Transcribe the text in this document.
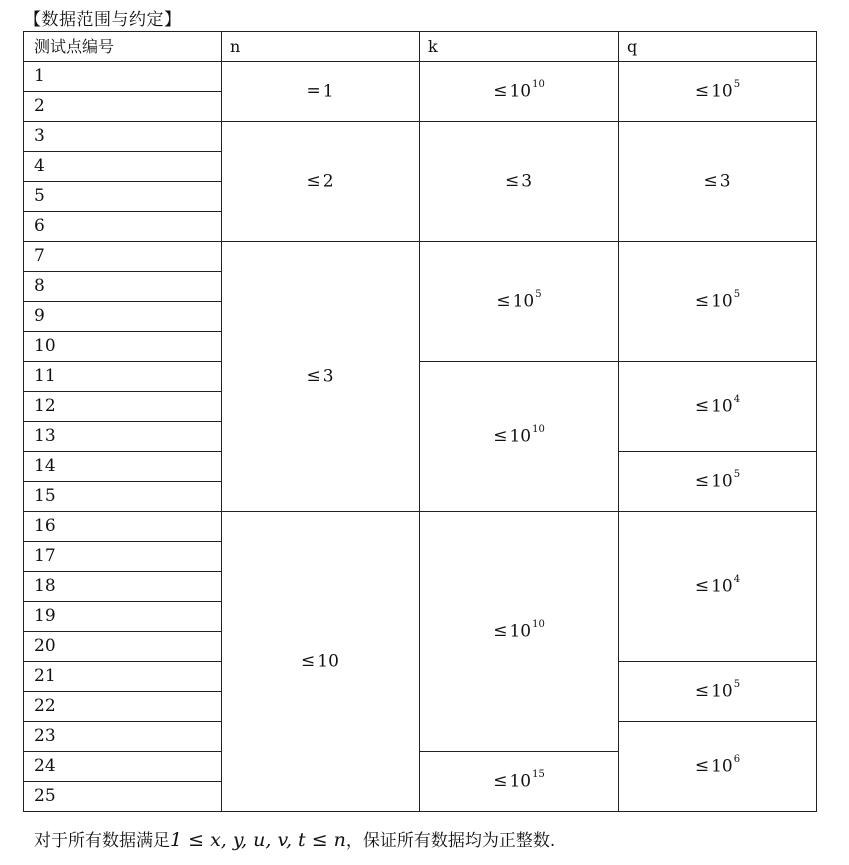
【数据范围与约定】
测试点编号	n	k	q
1	= 1	≤ $10^{10}$	≤ $10^5$
2			
3	≤ 2	≤ 3	≤ 3
4			
5			
6			
7	≤ 3	≤ $10^5$	≤ $10^5$
8			
9			
10			
11		≤ $10^{10}$	≤ $10^4$
12			
13			
14			≤ $10^5$
15			
16	≤ 10	≤ $10^{10}$	≤ $10^4$
17			
18			
19			
20			
21			≤ $10^5$
22			
23			≤ $10^6$
24		≤ $10^{15}$
25			
对于所有数据满足1 ≤ x, y, u, v, t ≤ n，保证所有数据均为正整数.
